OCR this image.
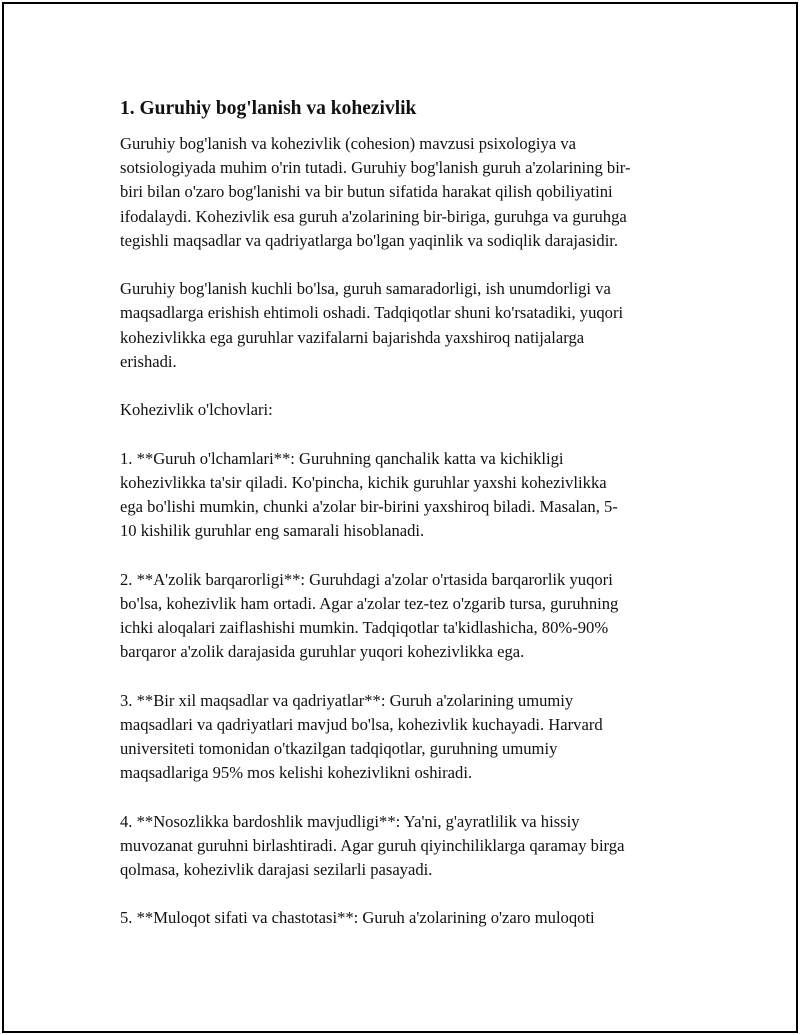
1. Guruhiy bog'lanish va kohezivlik

Guruhiy bog'lanish va kohezivlik (cohesion) mavzusi psixologiya va
sotsiologiyada muhim o'rin tutadi. Guruhiy bog'lanish guruh a'zolarining bir-
biri bilan o'zaro bog'lanishi va bir butun sifatida harakat qilish qobiliyatini
ifodalaydi. Kohezivlik esa guruh a'zolarining bir-biriga, guruhga va guruhga
tegishli maqsadlar va qadriyatlarga bo'lgan yaqinlik va sodiqlik darajasidir.

Guruhiy bog'lanish kuchli bo'lsa, guruh samaradorligi, ish unumdorligi va
maqsadlarga erishish ehtimoli oshadi. Tadqiqotlar shuni ko'rsatadiki, yuqori
kohezivlikka ega guruhlar vazifalarni bajarishda yaxshiroq natijalarga
erishadi.

Kohezivlik o'lchovlari:

1. **Guruh o'lchamlari**: Guruhning qanchalik katta va kichikligi
kohezivlikka ta'sir qiladi. Ko'pincha, kichik guruhlar yaxshi kohezivlikka
ega bo'lishi mumkin, chunki a'zolar bir-birini yaxshiroq biladi. Masalan, 5-
10 kishilik guruhlar eng samarali hisoblanadi.

2. **A'zolik barqarorligi**: Guruhdagi a'zolar o'rtasida barqarorlik yuqori
bo'lsa, kohezivlik ham ortadi. Agar a'zolar tez-tez o'zgarib tursa, guruhning
ichki aloqalari zaiflashishi mumkin. Tadqiqotlar ta'kidlashicha, 80%-90%
barqaror a'zolik darajasida guruhlar yuqori kohezivlikka ega.

3. **Bir xil maqsadlar va qadriyatlar**: Guruh a'zolarining umumiy
maqsadlari va qadriyatlari mavjud bo'lsa, kohezivlik kuchayadi. Harvard
universiteti tomonidan o'tkazilgan tadqiqotlar, guruhning umumiy
maqsadlariga 95% mos kelishi kohezivlikni oshiradi.

4. **Nosozlikka bardoshlik mavjudligi**: Ya'ni, g'ayratlilik va hissiy
muvozanat guruhni birlashtiradi. Agar guruh qiyinchiliklarga qaramay birga
qolmasa, kohezivlik darajasi sezilarli pasayadi.

5. **Muloqot sifati va chastotasi**: Guruh a'zolarining o'zaro muloqoti
